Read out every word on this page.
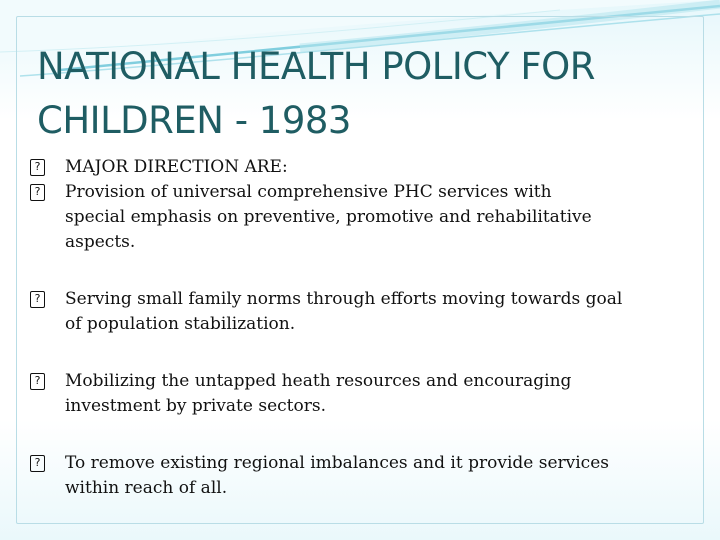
NATIONAL HEALTH POLICY FOR
CHILDREN - 1983
? MAJOR DIRECTION ARE:
? Provision of universal comprehensive PHC services with
special emphasis on preventive, promotive and rehabilitative
aspects.
? Serving small family norms through efforts moving towards goal
of population stabilization.
? Mobilizing the untapped heath resources and encouraging
investment by private sectors.
? To remove existing regional imbalances and it provide services
within reach of all.
